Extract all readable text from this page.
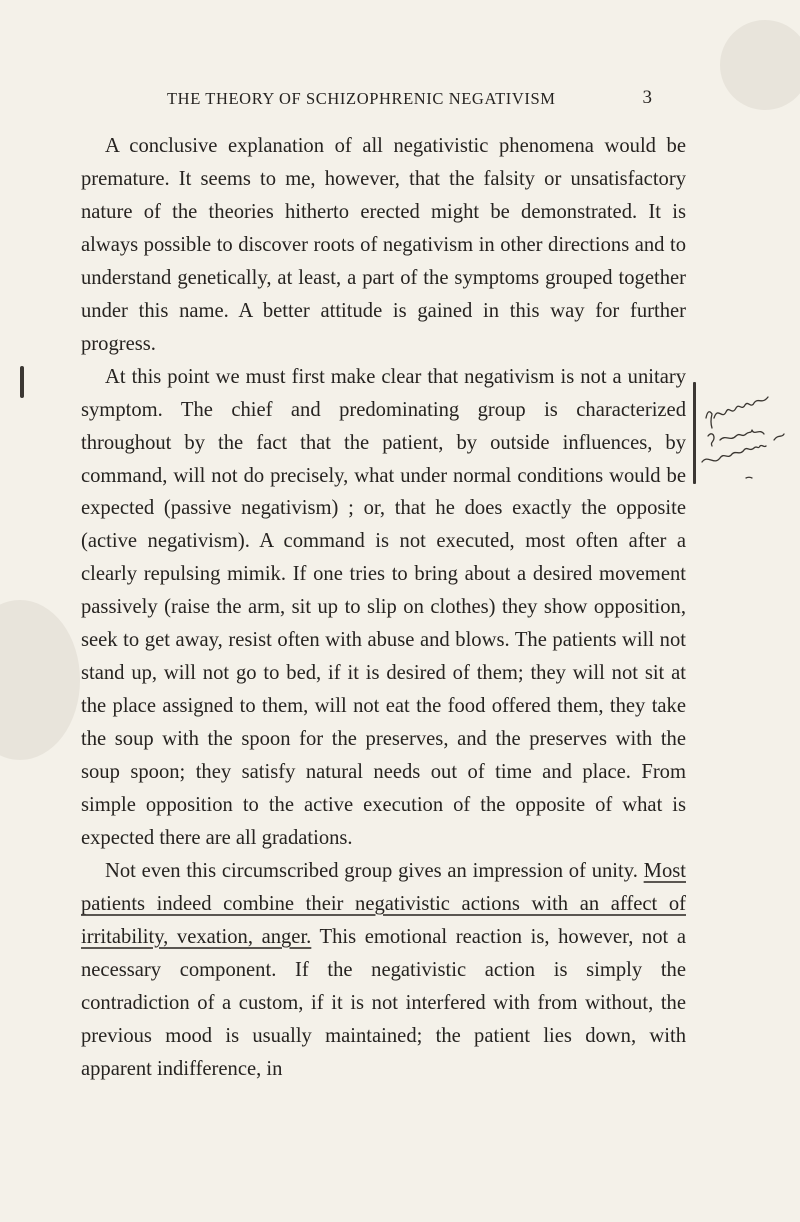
THE THEORY OF SCHIZOPHRENIC NEGATIVISM	3

A conclusive explanation of all negativistic phenomena would be premature. It seems to me, however, that the falsity or unsatisfactory nature of the theories hitherto erected might be demonstrated. It is always possible to discover roots of negativism in other directions and to understand genetically, at least, a part of the symptoms grouped together under this name. A better attitude is gained in this way for further progress.

At this point we must first make clear that negativism is not a unitary symptom. The chief and predominating group is characterized throughout by the fact that the patient, by outside influences, by command, will not do precisely, what under normal conditions would be expected (passive negativism) ; or, that he does exactly the opposite (active negativism). A command is not executed, most often after a clearly repulsing mimik. If one tries to bring about a desired movement passively (raise the arm, sit up to slip on clothes) they show opposition, seek to get away, resist often with abuse and blows. The patients will not stand up, will not go to bed, if it is desired of them; they will not sit at the place assigned to them, will not eat the food offered them, they take the soup with the spoon for the preserves, and the preserves with the soup spoon; they satisfy natural needs out of time and place. From simple opposition to the active execution of the opposite of what is expected there are all gradations.

Not even this circumscribed group gives an impression of unity. Most patients indeed combine their negativistic actions with an affect of irritability, vexation, anger. This emotional reaction is, however, not a necessary component. If the negativistic action is simply the contradiction of a custom, if it is not interfered with from without, the previous mood is usually maintained; the patient lies down, with apparent indifference, in
